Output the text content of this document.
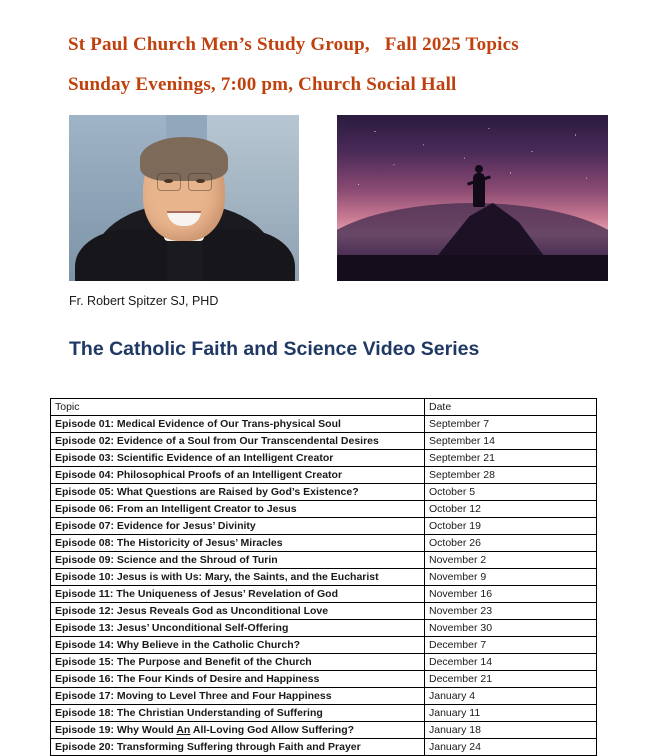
St Paul Church Men’s Study Group,   Fall 2025 Topics
Sunday Evenings, 7:00 pm, Church Social Hall
Fr. Robert Spitzer SJ, PHD
The Catholic Faith and Science Video Series
Topic	Date
Episode 01: Medical Evidence of Our Trans-physical Soul	September 7
Episode 02: Evidence of a Soul from Our Transcendental Desires	September 14
Episode 03: Scientific Evidence of an Intelligent Creator	September 21
Episode 04: Philosophical Proofs of an Intelligent Creator	September 28
Episode 05: What Questions are Raised by God’s Existence?	October 5
Episode 06: From an Intelligent Creator to Jesus	October 12
Episode 07: Evidence for Jesus’ Divinity	October 19
Episode 08: The Historicity of Jesus’ Miracles	October 26
Episode 09: Science and the Shroud of Turin	November 2
Episode 10: Jesus is with Us: Mary, the Saints, and the Eucharist	November 9
Episode 11: The Uniqueness of Jesus’ Revelation of God	November 16
Episode 12: Jesus Reveals God as Unconditional Love	November 23
Episode 13: Jesus’ Unconditional Self-Offering	November 30
Episode 14: Why Believe in the Catholic Church?	December 7
Episode 15: The Purpose and Benefit of the Church	December 14
Episode 16: The Four Kinds of Desire and Happiness	December 21
Episode 17: Moving to Level Three and Four Happiness	January 4
Episode 18: The Christian Understanding of Suffering	January 11
Episode 19: Why Would An All-Loving God Allow Suffering?	January 18
Episode 20: Transforming Suffering through Faith and Prayer	January 24
